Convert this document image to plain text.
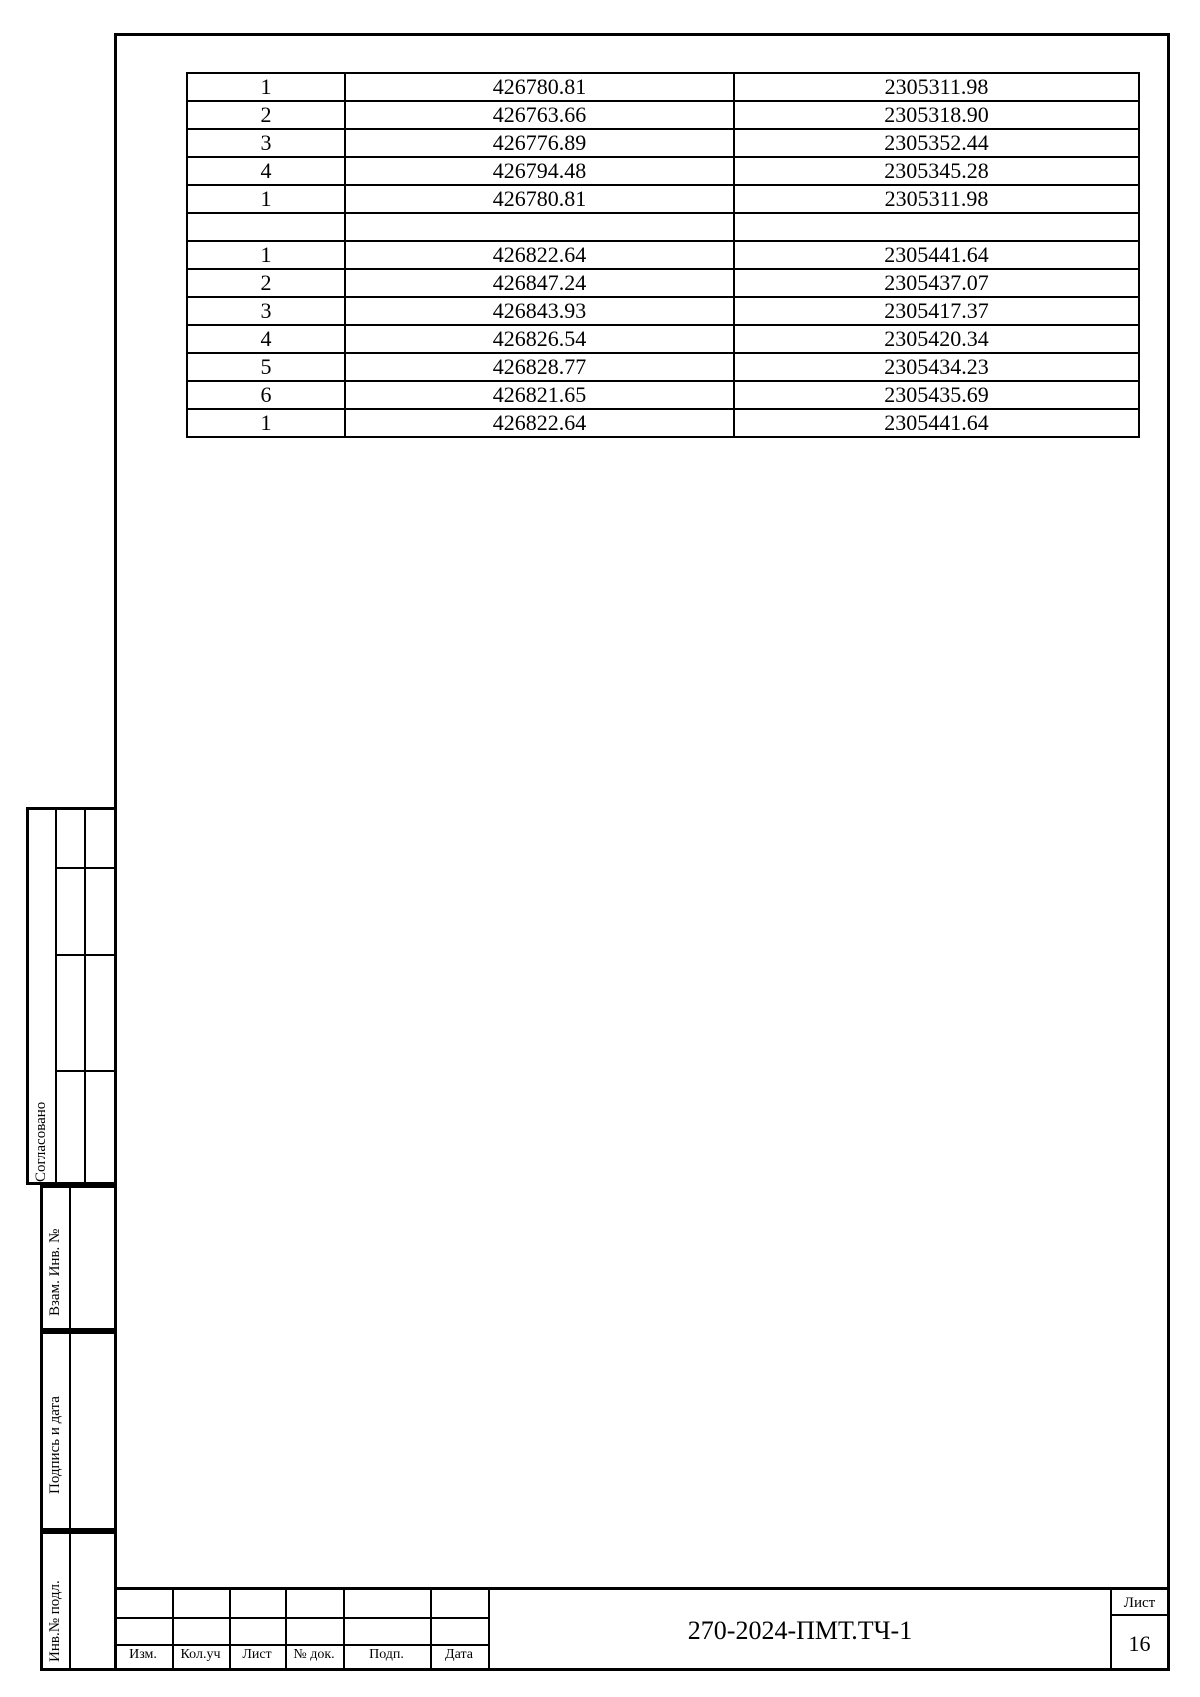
1	426780.81	2305311.98
2	426763.66	2305318.90
3	426776.89	2305352.44
4	426794.48	2305345.28
1	426780.81	2305311.98

1	426822.64	2305441.64
2	426847.24	2305437.07
3	426843.93	2305417.37
4	426826.54	2305420.34
5	426828.77	2305434.23
6	426821.65	2305435.69
1	426822.64	2305441.64
Согласовано
Взам. Инв. №
Подпись и дата
Инв.№ подл.	Изм.	Кол.уч	Лист	№ док.	Подп.	Дата
270-2024-ПМТ.ТЧ-1
Лист
16
